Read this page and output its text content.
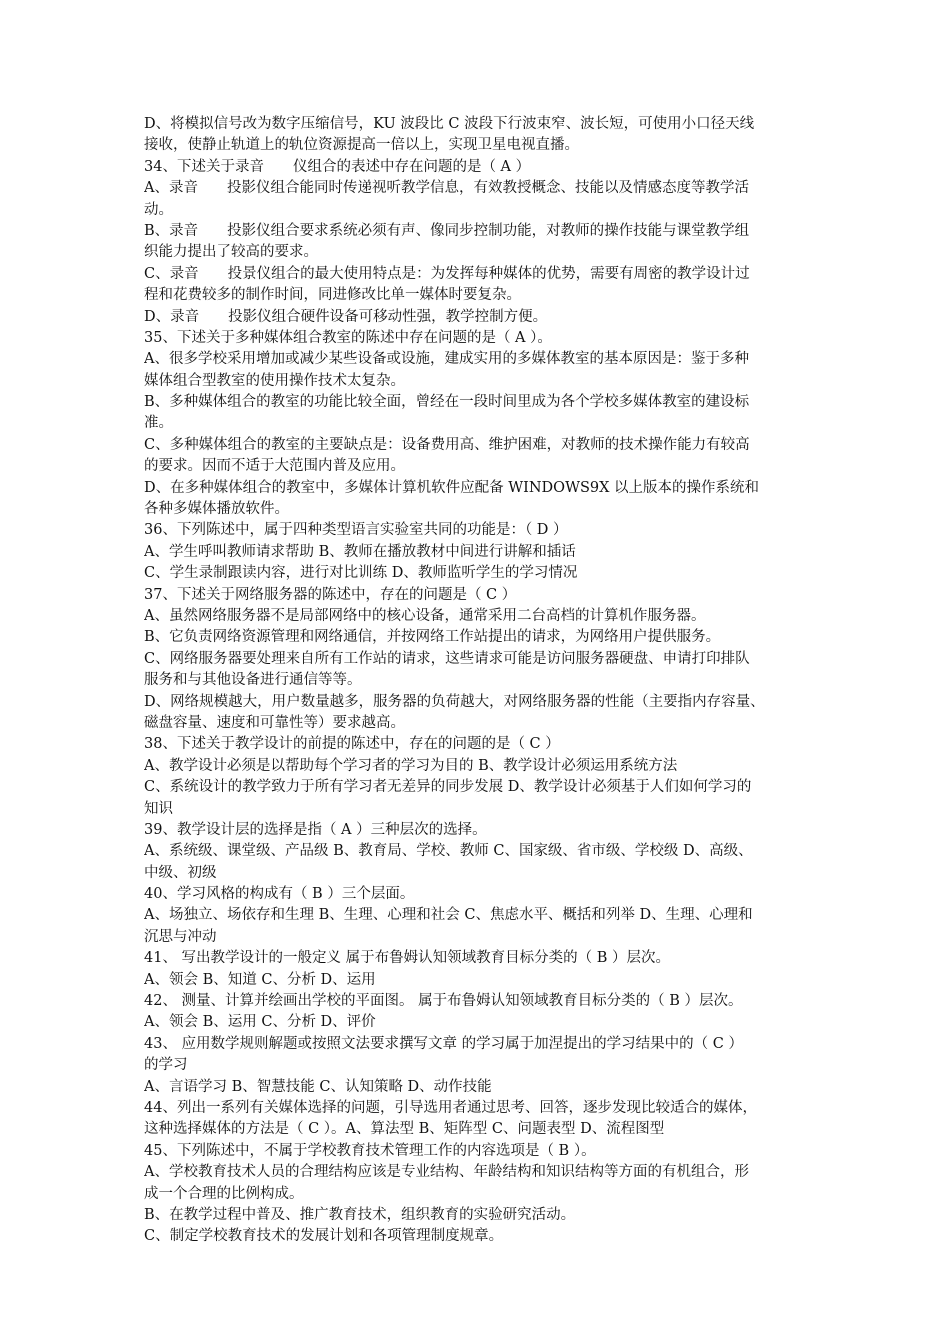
D、将模拟信号改为数字压缩信号，KU 波段比 C 波段下行波束窄、波长短，可使用小口径天线
接收，使静止轨道上的轨位资源提高一倍以上，实现卫星电视直播。
34、下述关于录音　　仪组合的表述中存在问题的是（ A ）
A、录音　　投影仪组合能同时传递视听教学信息，有效教授概念、技能以及情感态度等教学活
动。
B、录音　　投影仪组合要求系统必须有声、像同步控制功能，对教师的操作技能与课堂教学组
织能力提出了较高的要求。
C、录音　　投景仪组合的最大使用特点是：为发挥每种媒体的优势，需要有周密的教学设计过
程和花费较多的制作时间，同进修改比单一媒体时要复杂。
D、录音　　投影仪组合硬件设备可移动性强，教学控制方便。
35、下述关于多种媒体组合教室的陈述中存在问题的是（ A ）。
A、很多学校采用增加或减少某些设备或设施，建成实用的多媒体教室的基本原因是：鉴于多种
媒体组合型教室的使用操作技术太复杂。
B、多种媒体组合的教室的功能比较全面，曾经在一段时间里成为各个学校多媒体教室的建设标
准。
C、多种媒体组合的教室的主要缺点是：设备费用高、维护困难，对教师的技术操作能力有较高
的要求。因而不适于大范围内普及应用。
D、在多种媒体组合的教室中，多媒体计算机软件应配备 WINDOWS9X 以上版本的操作系统和
各种多媒体播放软件。
36、下列陈述中，属于四种类型语言实验室共同的功能是：（ D ）
A、学生呼叫教师请求帮助 B、教师在播放教材中间进行讲解和插话
C、学生录制跟读内容，进行对比训练 D、教师监听学生的学习情况
37、下述关于网络服务器的陈述中，存在的问题是（ C ）
A、虽然网络服务器不是局部网络中的核心设备，通常采用二台高档的计算机作服务器。
B、它负责网络资源管理和网络通信，并按网络工作站提出的请求，为网络用户提供服务。
C、网络服务器要处理来自所有工作站的请求，这些请求可能是访问服务器硬盘、申请打印排队
服务和与其他设备进行通信等等。
D、网络规模越大，用户数量越多，服务器的负荷越大，对网络服务器的性能（主要指内存容量、
磁盘容量、速度和可靠性等）要求越高。
38、下述关于教学设计的前提的陈述中，存在的问题的是（ C ）
A、教学设计必须是以帮助每个学习者的学习为目的 B、教学设计必须运用系统方法
C、系统设计的教学致力于所有学习者无差异的同步发展 D、教学设计必须基于人们如何学习的
知识
39、教学设计层的选择是指（ A ）三种层次的选择。
A、系统级、课堂级、产品级 B、教育局、学校、教师 C、国家级、省市级、学校级 D、高级、
中级、初级
40、学习风格的构成有（ B ）三个层面。
A、场独立、场依存和生理 B、生理、心理和社会 C、焦虑水平、概括和列举 D、生理、心理和
沉思与冲动
41、 写出教学设计的一般定义 属于布鲁姆认知领域教育目标分类的（ B ）层次。
A、领会 B、知道 C、分析 D、运用
42、 测量、计算并绘画出学校的平面图。 属于布鲁姆认知领域教育目标分类的（ B ）层次。
A、领会 B、运用 C、分析 D、评价
43、 应用数学规则解题或按照文法要求撰写文章 的学习属于加涅提出的学习结果中的（ C ）
的学习
A、言语学习 B、智慧技能 C、认知策略 D、动作技能
44、列出一系列有关媒体选择的问题，引导选用者通过思考、回答，逐步发现比较适合的媒体，
这种选择媒体的方法是（ C ）。A、算法型 B、矩阵型 C、问题表型 D、流程图型
45、下列陈述中，不属于学校教育技术管理工作的内容选项是（ B ）。
A、学校教育技术人员的合理结构应该是专业结构、年龄结构和知识结构等方面的有机组合，形
成一个合理的比例构成。
B、在教学过程中普及、推广教育技术，组织教育的实验研究活动。
C、制定学校教育技术的发展计划和各项管理制度规章。
